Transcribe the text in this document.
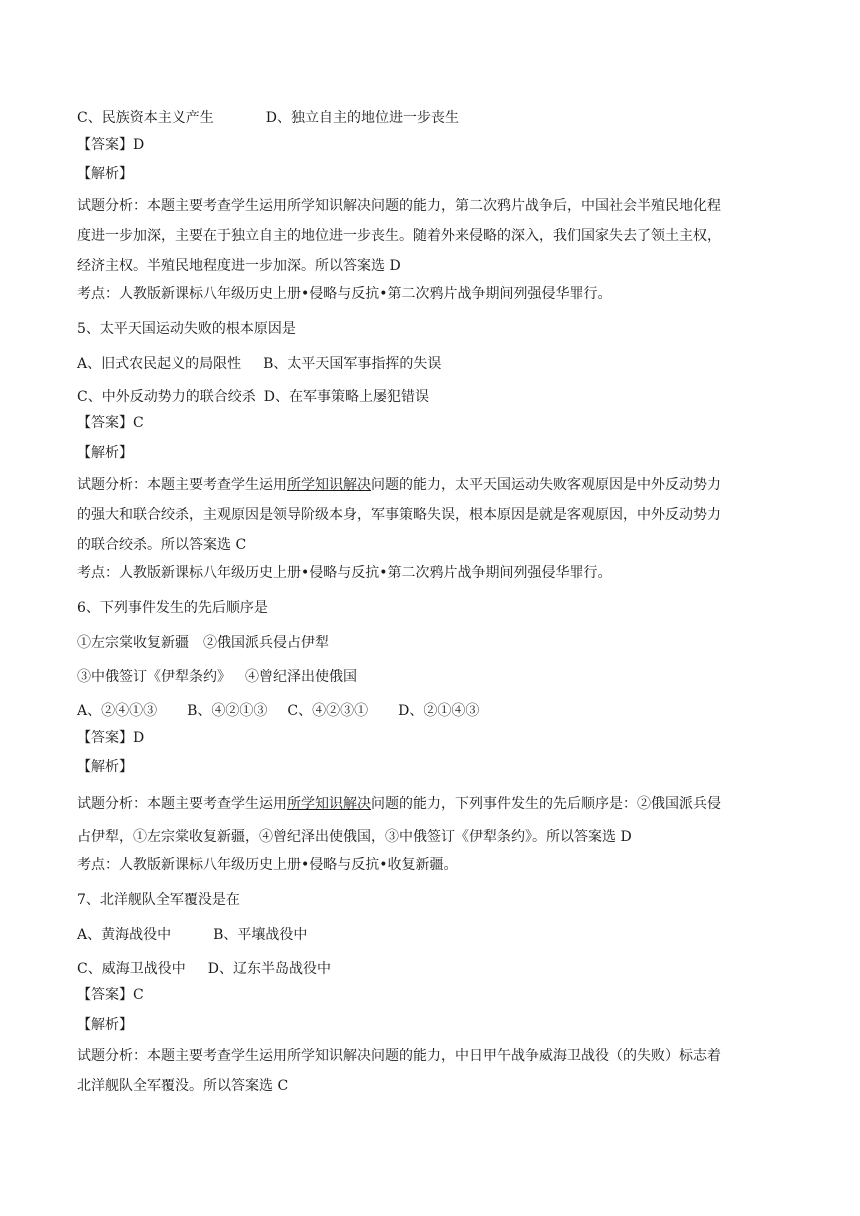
C、民族资本主义产生	D、独立自主的地位进一步丧生
【答案】D
【解析】
试题分析：本题主要考查学生运用所学知识解决问题的能力，第二次鸦片战争后，中国社会半殖民地化程
度进一步加深，主要在于独立自主的地位进一步丧生。随着外来侵略的深入，我们国家失去了领土主权，
经济主权。半殖民地程度进一步加深。所以答案选 D
考点：人教版新课标八年级历史上册•侵略与反抗•第二次鸦片战争期间列强侵华罪行。
5、太平天国运动失败的根本原因是
A、旧式农民起义的局限性 B、太平天国军事指挥的失误
C、中外反动势力的联合绞杀 D、在军事策略上屡犯错误
【答案】C
【解析】
试题分析：本题主要考查学生运用所学知识解决问题的能力，太平天国运动失败客观原因是中外反动势力
的强大和联合绞杀，主观原因是领导阶级本身，军事策略失误，根本原因是就是客观原因，中外反动势力
的联合绞杀。所以答案选 C
考点：人教版新课标八年级历史上册•侵略与反抗•第二次鸦片战争期间列强侵华罪行。
6、下列事件发生的先后顺序是
①左宗棠收复新疆 ②俄国派兵侵占伊犁
③中俄签订《伊犁条约》 ④曾纪泽出使俄国
A、②④①③ B、④②①③ C、④②③① D、②①④③
【答案】D
【解析】
试题分析：本题主要考查学生运用所学知识解决问题的能力，下列事件发生的先后顺序是：②俄国派兵侵
占伊犁，①左宗棠收复新疆，④曾纪泽出使俄国，③中俄签订《伊犁条约》。所以答案选 D
考点：人教版新课标八年级历史上册•侵略与反抗•收复新疆。
7、北洋舰队全军覆没是在
A、黄海战役中	B、平壤战役中
C、威海卫战役中 D、辽东半岛战役中
【答案】C
【解析】
试题分析：本题主要考查学生运用所学知识解决问题的能力，中日甲午战争威海卫战役（的失败）标志着
北洋舰队全军覆没。所以答案选 C
